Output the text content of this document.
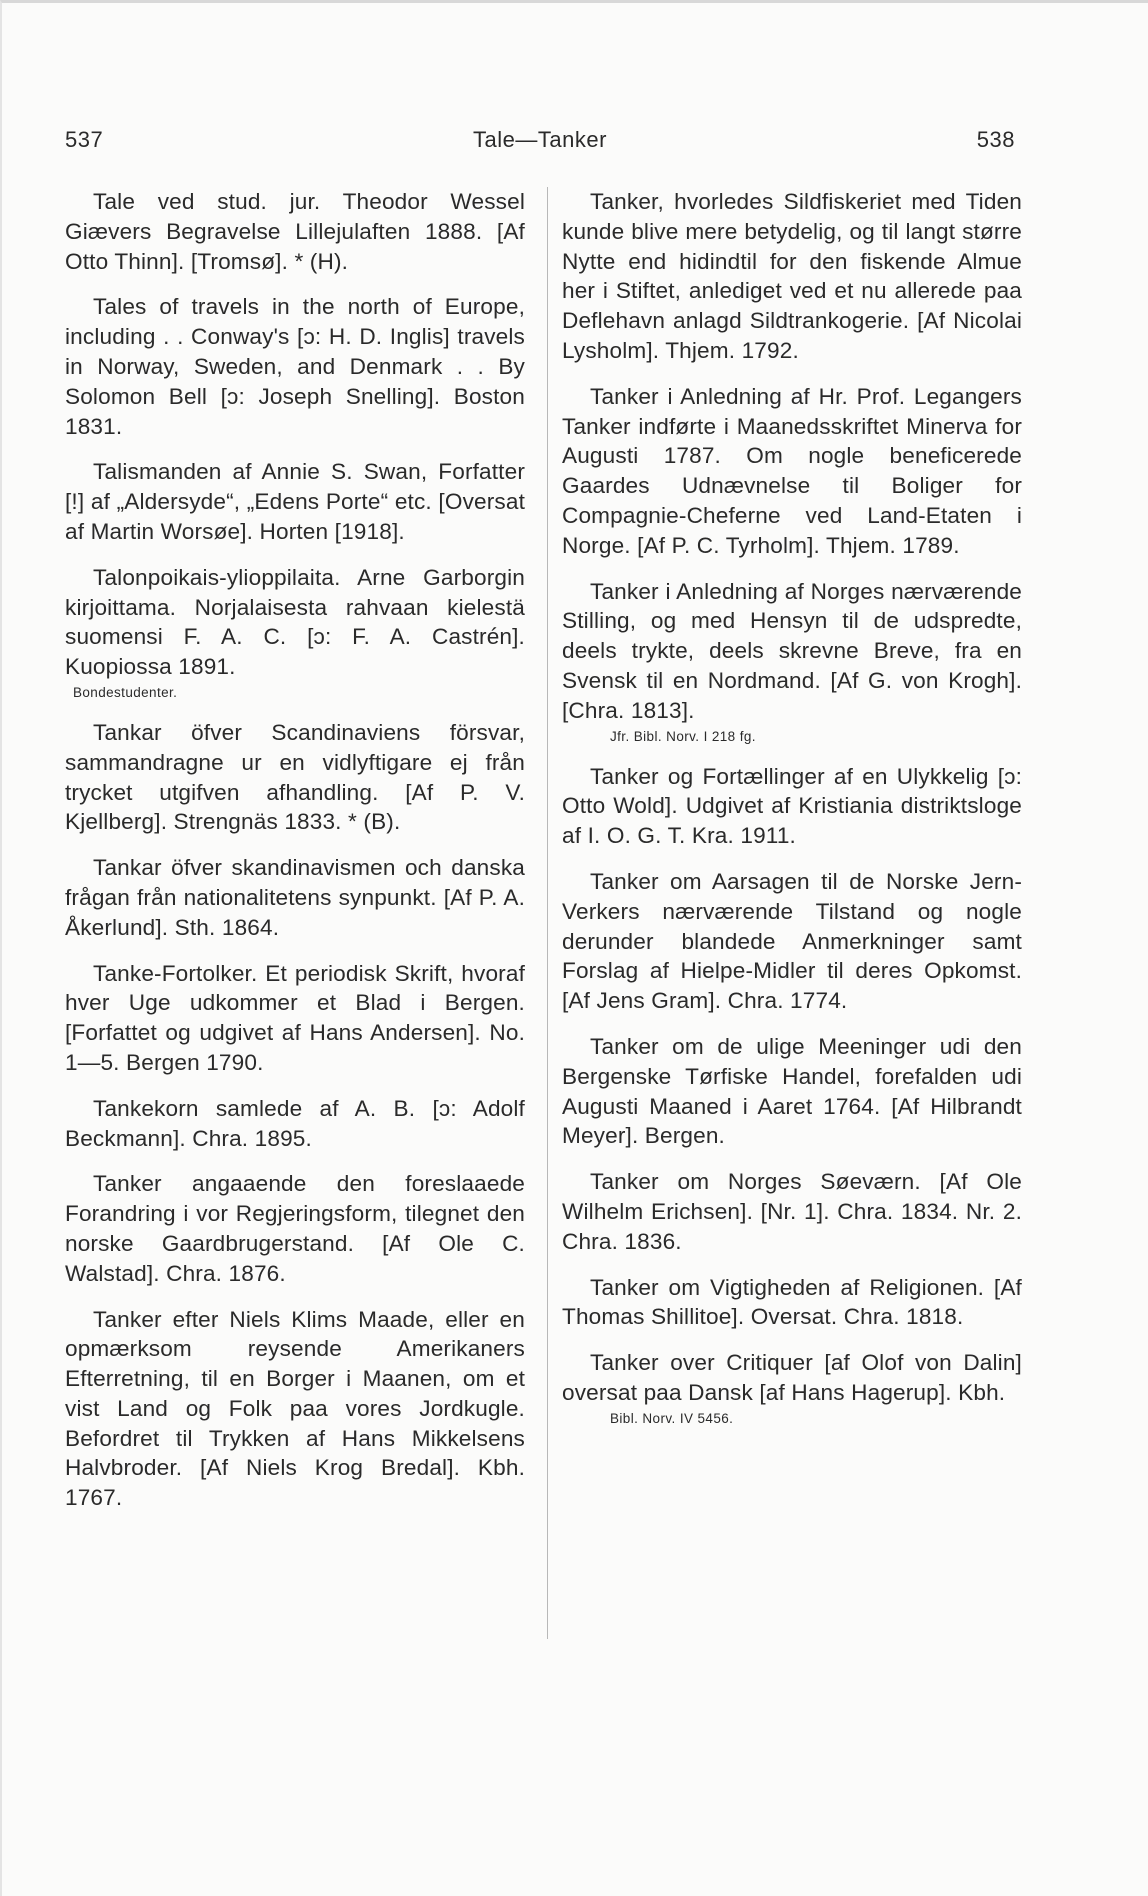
537	Tale—Tanker	538
Tale ved stud. jur. Theodor Wessel Giævers Begravelse Lillejulaften 1888. [Af Otto Thinn]. [Tromsø]. * (H).
Tales of travels in the north of Europe, including . . Conway's [ɔ: H. D. Inglis] travels in Norway, Sweden, and Denmark . . By Solomon Bell [ɔ: Joseph Snelling]. Boston 1831.
Talismanden af Annie S. Swan, Forfatter [!] af „Aldersyde“, „Edens Porte“ etc. [Oversat af Martin Worsøe]. Horten [1918].
Talonpoikais-ylioppilaita. Arne Garborgin kirjoittama. Norjalaisesta rahvaan kielestä suomensi F. A. C. [ɔ: F. A. Castrén]. Kuopiossa 1891.
Bondestudenter.
Tankar öfver Scandinaviens försvar, sammandragne ur en vidlyftigare ej från trycket utgifven afhandling. [Af P. V. Kjellberg]. Strengnäs 1833. * (B).
Tankar öfver skandinavismen och danska frågan från nationalitetens synpunkt. [Af P. A. Åkerlund]. Sth. 1864.
Tanke-Fortolker. Et periodisk Skrift, hvoraf hver Uge udkommer et Blad i Bergen. [Forfattet og udgivet af Hans Andersen]. No. 1—5. Bergen 1790.
Tankekorn samlede af A. B. [ɔ: Adolf Beckmann]. Chra. 1895.
Tanker angaaende den foreslaaede Forandring i vor Regjeringsform, tilegnet den norske Gaardbrugerstand. [Af Ole C. Walstad]. Chra. 1876.
Tanker efter Niels Klims Maade, eller en opmærksom reysende Amerikaners Efterretning, til en Borger i Maanen, om et vist Land og Folk paa vores Jordkugle. Befordret til Trykken af Hans Mikkelsens Halvbroder. [Af Niels Krog Bredal]. Kbh. 1767.
Tanker, hvorledes Sildfiskeriet med Tiden kunde blive mere betydelig, og til langt større Nytte end hidindtil for den fiskende Almue her i Stiftet, anlediget ved et nu allerede paa Deflehavn anlagd Sildtrankogerie. [Af Nicolai Lysholm]. Thjem. 1792.
Tanker i Anledning af Hr. Prof. Legangers Tanker indførte i Maanedsskriftet Minerva for Augusti 1787. Om nogle beneficerede Gaardes Udnævnelse til Boliger for Compagnie-Cheferne ved Land-Etaten i Norge. [Af P. C. Tyrholm]. Thjem. 1789.
Tanker i Anledning af Norges nærværende Stilling, og med Hensyn til de udspredte, deels trykte, deels skrevne Breve, fra en Svensk til en Nordmand. [Af G. von Krogh]. [Chra. 1813].
Jfr. Bibl. Norv. I 218 fg.
Tanker og Fortællinger af en Ulykkelig [ɔ: Otto Wold]. Udgivet af Kristiania distriktsloge af I. O. G. T. Kra. 1911.
Tanker om Aarsagen til de Norske Jern-Verkers nærværende Tilstand og nogle derunder blandede Anmerkninger samt Forslag af Hielpe-Midler til deres Opkomst. [Af Jens Gram]. Chra. 1774.
Tanker om de ulige Meeninger udi den Bergenske Tørfiske Handel, forefalden udi Augusti Maaned i Aaret 1764. [Af Hilbrandt Meyer]. Bergen.
Tanker om Norges Søeværn. [Af Ole Wilhelm Erichsen]. [Nr. 1]. Chra. 1834. Nr. 2. Chra. 1836.
Tanker om Vigtigheden af Religionen. [Af Thomas Shillitoe]. Oversat. Chra. 1818.
Tanker over Critiquer [af Olof von Dalin] oversat paa Dansk [af Hans Hagerup]. Kbh.
Bibl. Norv. IV 5456.
